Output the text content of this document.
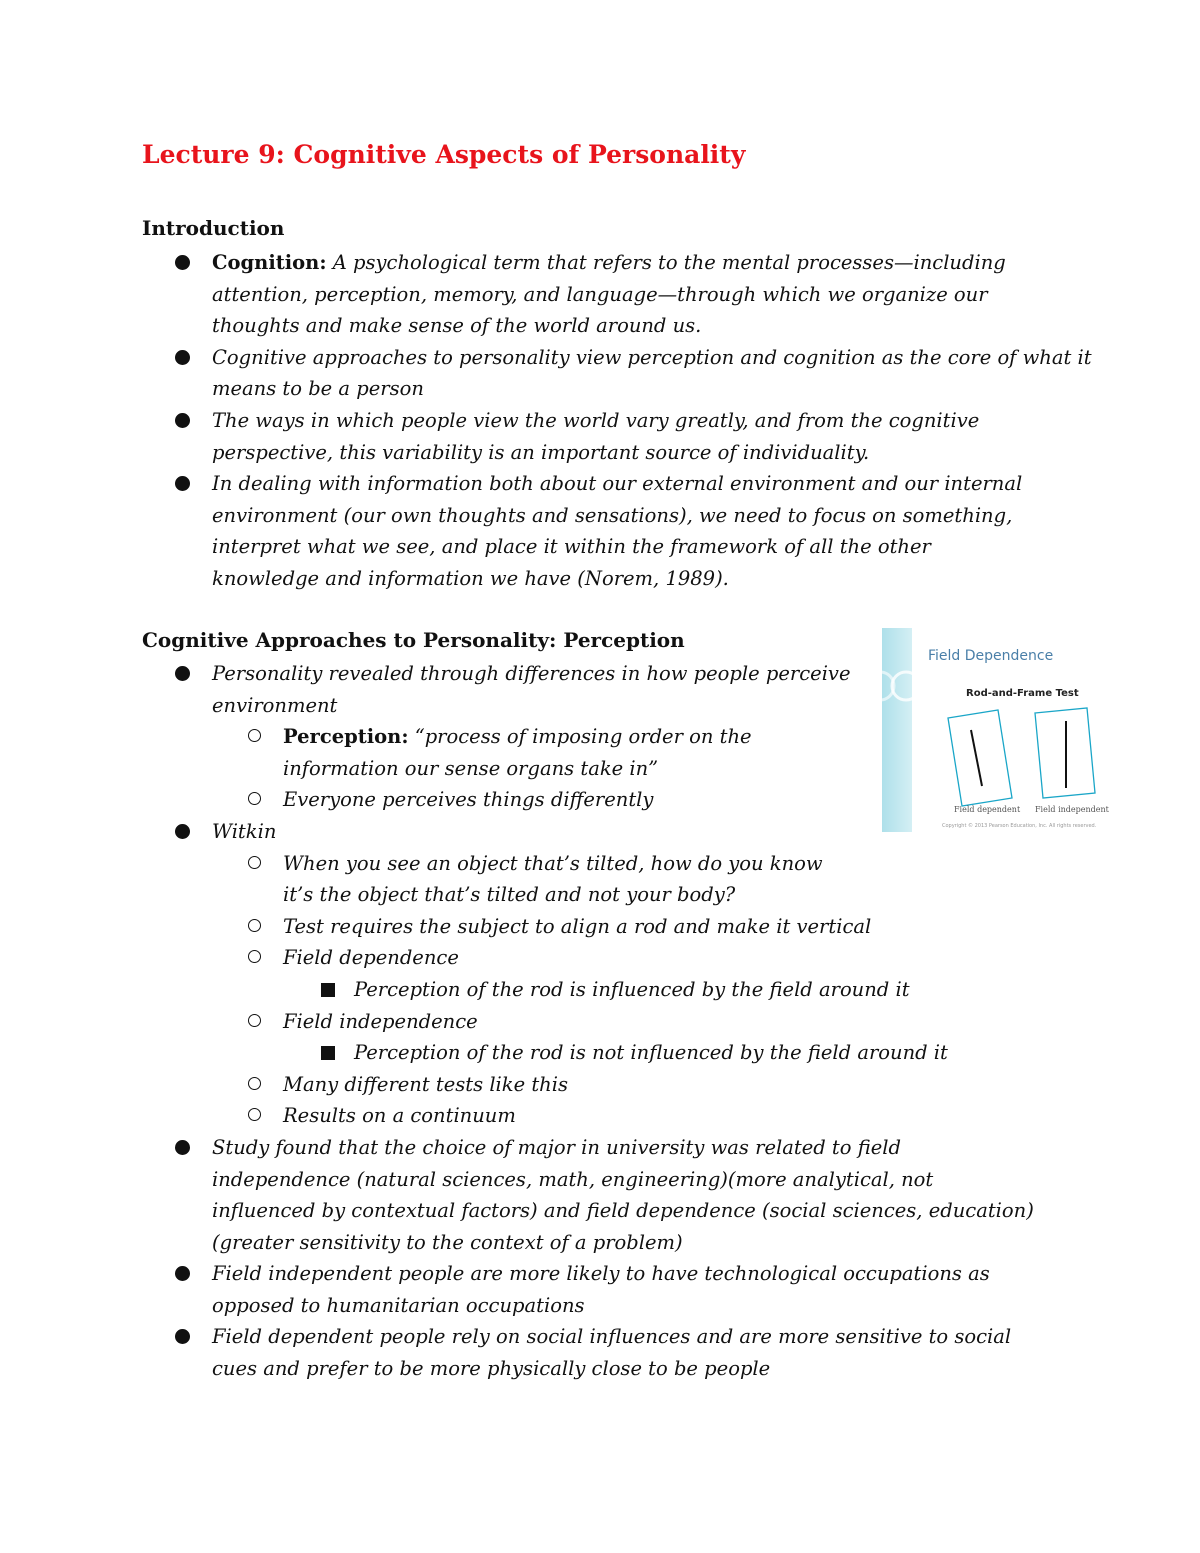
Lecture 9: Cognitive Aspects of Personality
Introduction
Cognition: A psychological term that refers to the mental processes—including attention, perception, memory, and language—through which we organize our thoughts and make sense of the world around us.
Cognitive approaches to personality view perception and cognition as the core of what it means to be a person
The ways in which people view the world vary greatly, and from the cognitive perspective, this variability is an important source of individuality.
In dealing with information both about our external environment and our internal environment (our own thoughts and sensations), we need to focus on something, interpret what we see, and place it within the framework of all the other knowledge and information we have (Norem, 1989).
Cognitive Approaches to Personality: Perception
Personality revealed through differences in how people perceive environment
Perception: “process of imposing order on the information our sense organs take in”
Everyone perceives things differently
Witkin
When you see an object that’s tilted, how do you know it’s the object that’s tilted and not your body?
Test requires the subject to align a rod and make it vertical
Field dependence
Perception of the rod is influenced by the field around it
Field independence
Perception of the rod is not influenced by the field around it
Many different tests like this
Results on a continuum
Study found that the choice of major in university was related to field independence (natural sciences, math, engineering)(more analytical, not influenced by contextual factors) and field dependence (social sciences, education)(greater sensitivity to the context of a problem)
Field independent people are more likely to have technological occupations as opposed to humanitarian occupations
Field dependent people rely on social influences and are more sensitive to social cues and prefer to be more physically close to be people
Field Dependence
Rod-and-Frame Test
Field dependent Field independent
Copyright © 2013 Pearson Education, Inc. All rights reserved.
